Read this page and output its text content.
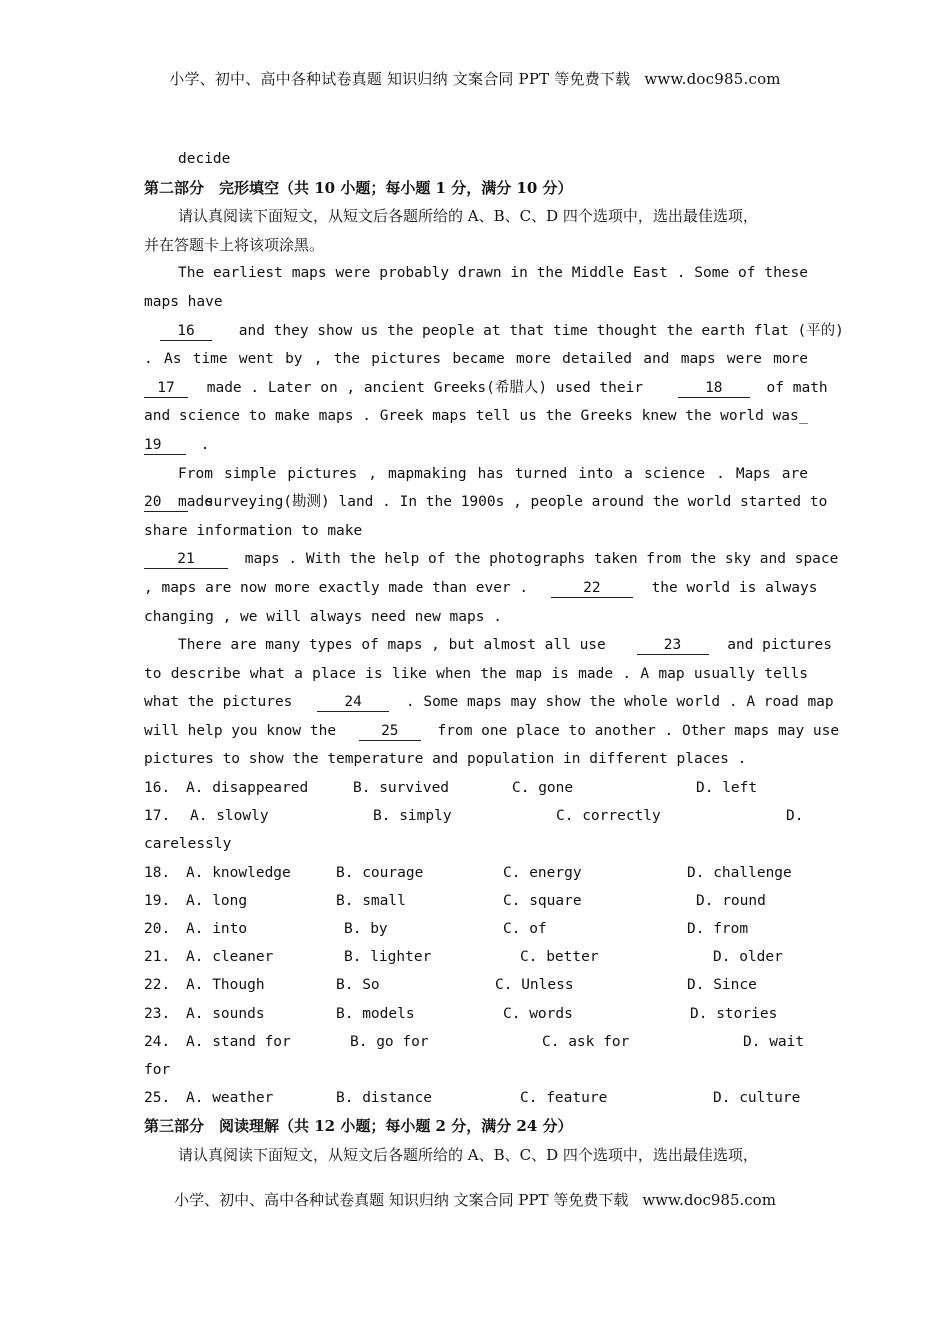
小学、初中、高中各种试卷真题 知识归纳 文案合同 PPT 等免费下载 www.doc985.com
decide
第二部分　完形填空（共 10 小题；每小题 1 分，满分 10 分）
请认真阅读下面短文，从短文后各题所给的 A、B、C、D 四个选项中，选出最佳选项，
并在答题卡上将该项涂黑。
The earliest maps were probably drawn in the Middle East . Some of these
maps have
16	and they show us the people at that time thought the earth flat (平的)
. As time went by , the pictures became more detailed and maps were more
17 made . Later on , ancient Greeks(希腊人) used their	18	of math
and science to make maps . Greek maps tell us the Greeks knew the world was _
19	.
From simple pictures , mapmaking has turned into a science . Maps are made
20	surveying(勘测) land . In the 1900s , people around the world started to
share information to make
21	maps . With the help of the photographs taken from the sky and space
, maps are now more exactly made than ever .	22	the world is always
changing , we will always need new maps .
There are many types of maps , but almost all use	23	and pictures
to describe what a place is like when the map is made . A map usually tells
what the pictures	24	. Some maps may show the whole world . A road map
will help you know the	25	from one place to another . Other maps may use
pictures to show the temperature and population in different places .
16. A. disappeared	B. survived	C. gone	D. left
17. A. slowly	B. simply	C. correctly	D.
carelessly
18. A. knowledge	B. courage	C. energy	D. challenge
19. A. long	B. small	C. square	D. round
20. A. into	B. by	C. of	D. from
21. A. cleaner	B. lighter	C. better	D. older
22. A. Though	B. So	C. Unless	D. Since
23. A. sounds	B. models	C. words	D. stories
24. A. stand for	B. go for	C. ask for	D. wait
for
25. A. weather	B. distance	C. feature	D. culture
第三部分　阅读理解（共 12 小题；每小题 2 分，满分 24 分）
请认真阅读下面短文，从短文后各题所给的 A、B、C、D 四个选项中，选出最佳选项，
小学、初中、高中各种试卷真题 知识归纳 文案合同 PPT 等免费下载 www.doc985.com
